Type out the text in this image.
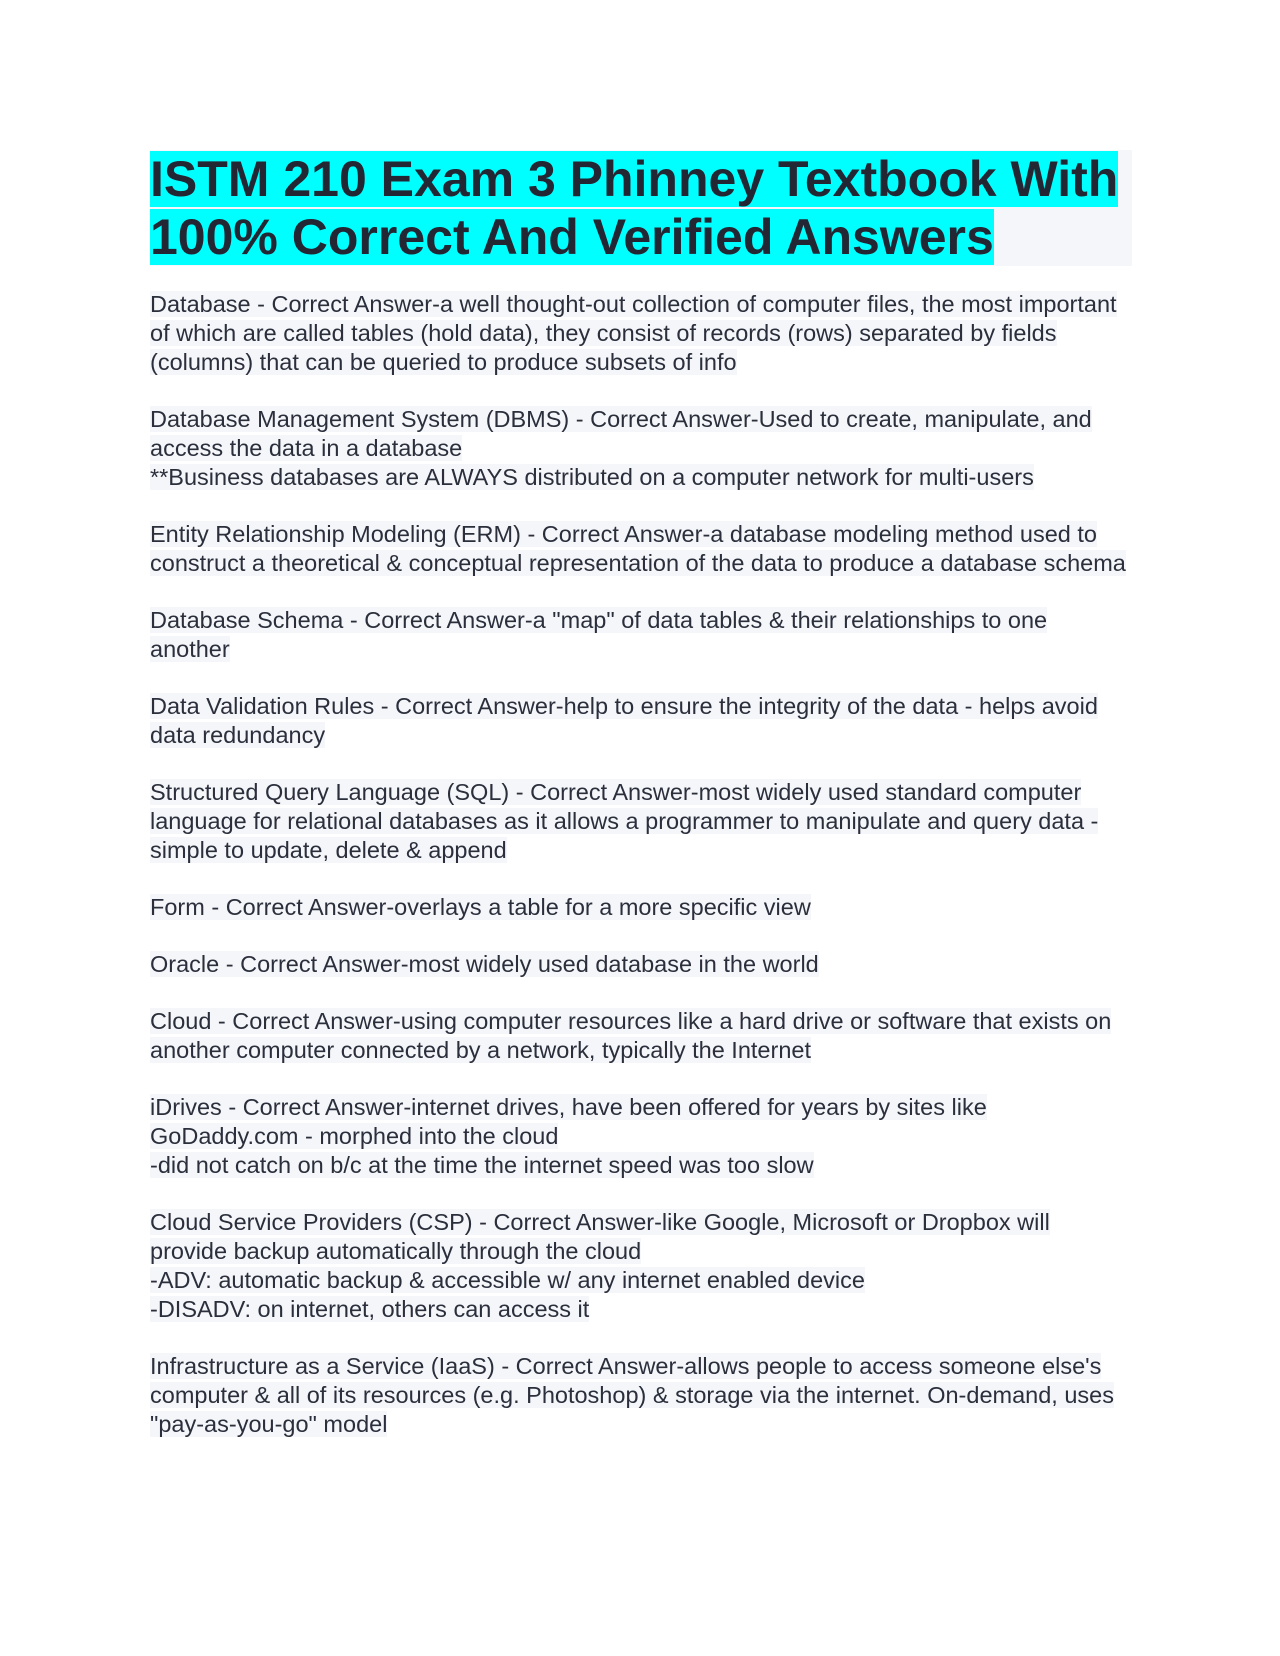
ISTM 210 Exam 3 Phinney Textbook With 100% Correct And Verified Answers
Database - Correct Answer-a well thought-out collection of computer files, the most important of which are called tables (hold data), they consist of records (rows) separated by fields (columns) that can be queried to produce subsets of info
Database Management System (DBMS) - Correct Answer-Used to create, manipulate, and access the data in a database
**Business databases are ALWAYS distributed on a computer network for multi-users
Entity Relationship Modeling (ERM) - Correct Answer-a database modeling method used to construct a theoretical & conceptual representation of the data to produce a database schema
Database Schema - Correct Answer-a "map" of data tables & their relationships to one another
Data Validation Rules - Correct Answer-help to ensure the integrity of the data - helps avoid data redundancy
Structured Query Language (SQL) - Correct Answer-most widely used standard computer language for relational databases as it allows a programmer to manipulate and query data - simple to update, delete & append
Form - Correct Answer-overlays a table for a more specific view
Oracle - Correct Answer-most widely used database in the world
Cloud - Correct Answer-using computer resources like a hard drive or software that exists on another computer connected by a network, typically the Internet
iDrives - Correct Answer-internet drives, have been offered for years by sites like GoDaddy.com - morphed into the cloud
-did not catch on b/c at the time the internet speed was too slow
Cloud Service Providers (CSP) - Correct Answer-like Google, Microsoft or Dropbox will provide backup automatically through the cloud
-ADV: automatic backup & accessible w/ any internet enabled device
-DISADV: on internet, others can access it
Infrastructure as a Service (IaaS) - Correct Answer-allows people to access someone else's computer & all of its resources (e.g. Photoshop) & storage via the internet. On-demand, uses "pay-as-you-go" model
